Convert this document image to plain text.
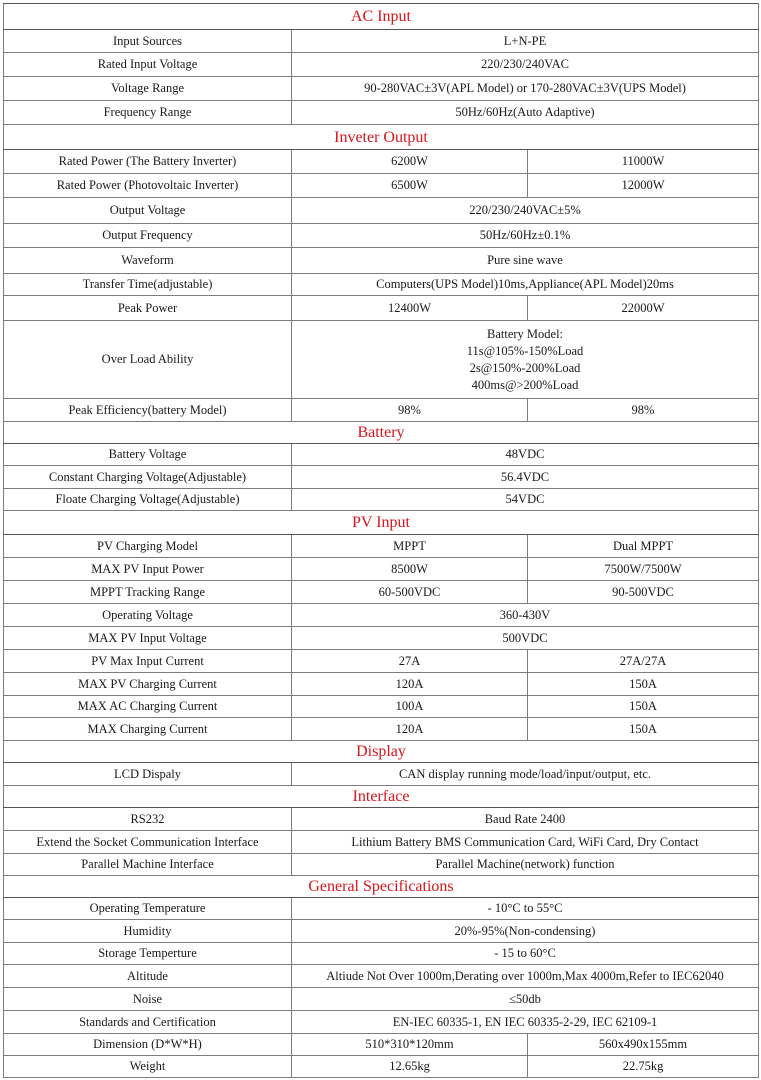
AC Input		
Input Sources	L+N-PE	
Rated Input Voltage	220/230/240VAC	
Voltage Range	90-280VAC±3V(APL Model) or 170-280VAC±3V(UPS Model)	
Frequency Range	50Hz/60Hz(Auto Adaptive)	
Inveter Output		
Rated Power (The Battery Inverter)	6200W	11000W
Rated Power (Photovoltaic Inverter)	6500W	12000W
Output Voltage	220/230/240VAC±5%	
Output Frequency	50Hz/60Hz±0.1%	
Waveform	Pure sine wave	
Transfer Time(adjustable)	Computers(UPS Model)10ms,Appliance(APL Model)20ms	
Peak Power	12400W	22000W
Over Load Ability	Battery Model:
11s@105%-150%Load
2s@150%-200%Load
400ms@>200%Load	

Peak Efficiency(battery Model)	98%	98%
Battery		
Battery Voltage	48VDC	
Constant Charging Voltage(Adjustable)	56.4VDC	
Floate Charging Voltage(Adjustable)	54VDC	
PV Input		
PV Charging Model	MPPT	Dual MPPT
MAX PV Input Power	8500W	7500W/7500W
MPPT Tracking Range	60-500VDC	90-500VDC
Operating Voltage	360-430V	
MAX PV Input Voltage	500VDC	
PV Max Input Current	27A	27A/27A
MAX PV Charging Current	120A	150A
MAX AC Charging Current	100A	150A
MAX Charging Current	120A	150A
Display		
LCD Dispaly	CAN display running mode/load/input/output, etc.	
Interface		
RS232	Baud Rate 2400	
Extend the Socket Communication Interface	Lithium Battery BMS Communication Card, WiFi Card, Dry Contact	
Parallel Machine Interface	Parallel Machine(network) function	
General Specifications		
Operating Temperature	- 10°C to 55°C	
Humidity	20%-95%(Non-condensing)	
Storage Temperture	- 15 to 60°C	
Altitude	Altiude Not Over 1000m,Derating over 1000m,Max 4000m,Refer to IEC62040	
Noise	≤50db	
Standards and Certification	EN-IEC 60335-1, EN IEC 60335-2-29, IEC 62109-1	
Dimension (D*W*H)	510*310*120mm	560x490x155mm
Weight	12.65kg	22.75kg
